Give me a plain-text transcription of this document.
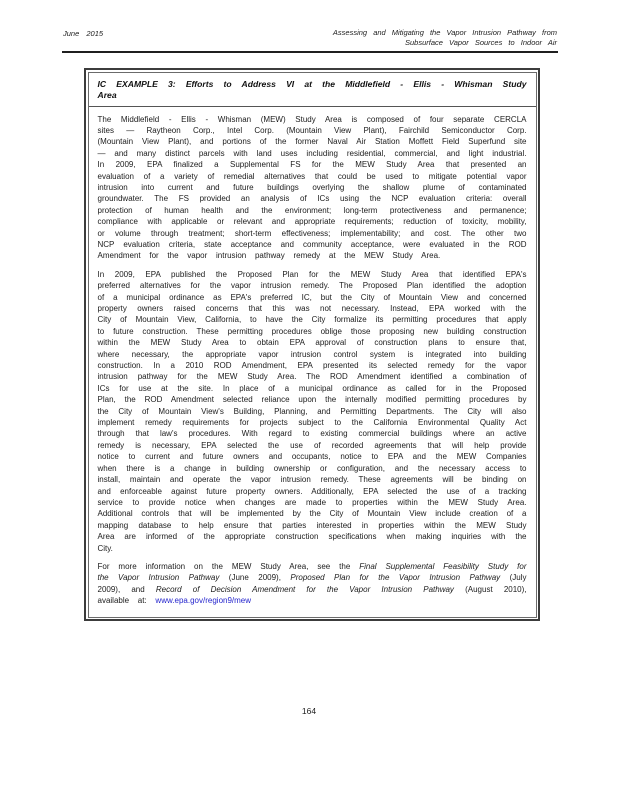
June 2015	Assessing and Mitigating the Vapor Intrusion Pathway from
Subsurface Vapor Sources to Indoor Air
IC EXAMPLE 3: Efforts to Address VI at the Middlefield - Ellis - Whisman Study Area

The Middlefield - Ellis - Whisman (MEW) Study Area is composed of four separate CERCLA sites — Raytheon Corp., Intel Corp. (Mountain View Plant), Fairchild Semiconductor Corp. (Mountain View Plant), and portions of the former Naval Air Station Moffett Field Superfund site — and many distinct parcels with land uses including residential, commercial, and light industrial. In 2009, EPA finalized a Supplemental FS for the MEW Study Area that presented an evaluation of a variety of remedial alternatives that could be used to mitigate potential vapor intrusion into current and future buildings overlying the shallow plume of contaminated groundwater. The FS provided an analysis of ICs using the NCP evaluation criteria: overall protection of human health and the environment; long-term protectiveness and permanence; compliance with applicable or relevant and appropriate requirements; reduction of toxicity, mobility, or volume through treatment; short-term effectiveness; implementability; and cost. The other two NCP evaluation criteria, state acceptance and community acceptance, were evaluated in the ROD Amendment for the vapor intrusion pathway remedy at the MEW Study Area.

In 2009, EPA published the Proposed Plan for the MEW Study Area that identified EPA's preferred alternatives for the vapor intrusion remedy. The Proposed Plan identified the adoption of a municipal ordinance as EPA's preferred IC, but the City of Mountain View and concerned property owners raised concerns that this was not necessary. Instead, EPA worked with the City of Mountain View, California, to have the City formalize its permitting procedures that apply to future construction. These permitting procedures oblige those proposing new building construction within the MEW Study Area to obtain EPA approval of construction plans to ensure that, where necessary, the appropriate vapor intrusion control system is integrated into building construction. In a 2010 ROD Amendment, EPA presented its selected remedy for the vapor intrusion pathway for the MEW Study Area. The ROD Amendment identified a combination of ICs for use at the site. In place of a municipal ordinance as called for in the Proposed Plan, the ROD Amendment selected reliance upon the internally modified permitting procedures by the City of Mountain View's Building, Planning, and Permitting Departments. The City will also implement remedy requirements for projects subject to the California Environmental Quality Act through that law's procedures. With regard to existing commercial buildings where an active remedy is necessary, EPA selected the use of recorded agreements that will help provide notice to current and future owners and occupants, notice to EPA and the MEW Companies when there is a change in building ownership or configuration, and the necessary access to install, maintain and operate the vapor intrusion remedy. These agreements will be binding on and enforceable against future property owners. Additionally, EPA selected the use of a tracking service to provide notice when changes are made to properties within the MEW Study Area. Additional controls that will be implemented by the City of Mountain View include creation of a mapping database to help ensure that parties interested in properties within the MEW Study Area are informed of the appropriate construction specifications when making inquiries with the City.

For more information on the MEW Study Area, see the Final Supplemental Feasibility Study for the Vapor Intrusion Pathway (June 2009), Proposed Plan for the Vapor Intrusion Pathway (July 2009), and Record of Decision Amendment for the Vapor Intrusion Pathway (August 2010), available at: www.epa.gov/region9/mew

164
